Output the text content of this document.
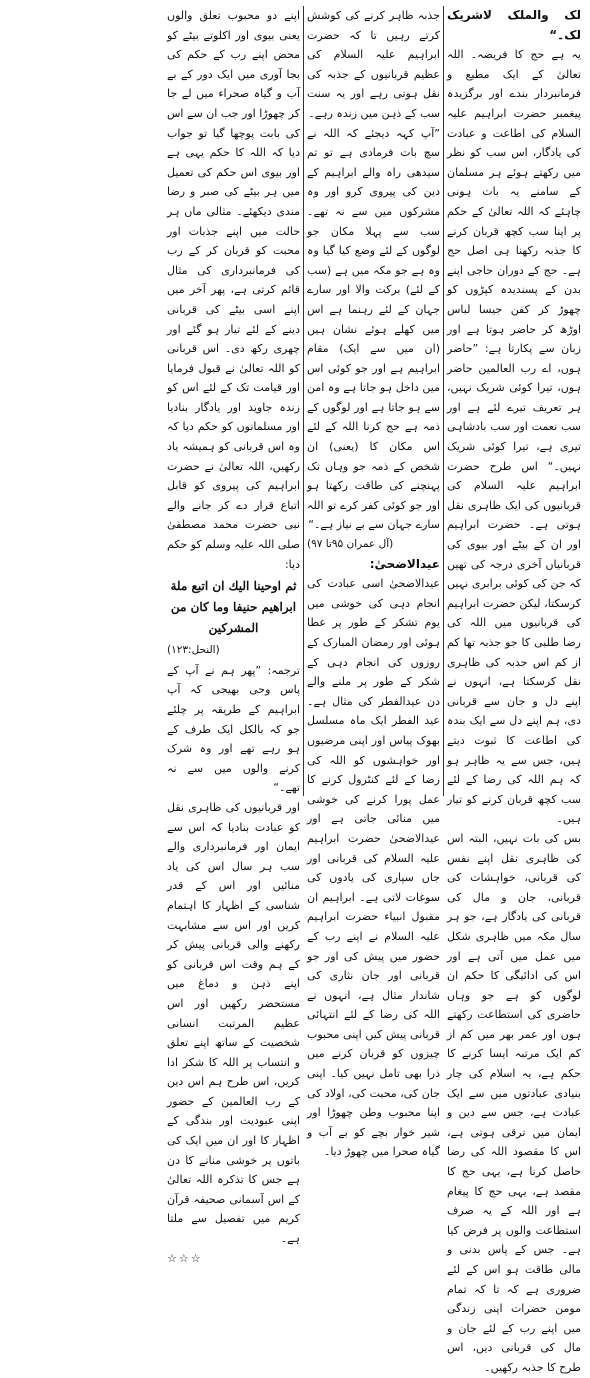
لک والملک لاشریک لک۔“

یہ ہے حج کا فریضہ۔ اللہ تعالیٰ کے ایک مطیع و فرمانبردار بندے اور برگزیدہ پیغمبر حضرت ابراہیم علیہ السلام کی اطاعت و عبادت کی یادگار، اس سب کو نظر میں رکھتے ہوئے ہر مسلمان کے سامنے یہ بات ہونی چاہئے کہ اللہ تعالیٰ کے حکم پر اپنا سب کچھ قربان کرنے کا جذبہ رکھنا ہی اصل حج ہے۔ حج کے دوران حاجی اپنے بدن کے پسندیدہ کپڑوں کو چھوڑ کر کفن جیسا لباس اوڑھ کر حاضر ہوتا ہے اور زبان سے پکارتا ہے: ”حاضر ہوں، اے رب العالمین حاضر ہوں، تیرا کوئی شریک نہیں، ہر تعریف تیرے لئے ہے اور سب نعمت اور سب بادشاہی تیری ہے، تیرا کوئی شریک نہیں۔“ اس طرح حضرت ابراہیم علیہ السلام کی قربانیوں کی ایک ظاہری نقل ہوتی ہے۔ حضرت ابراہیم اور ان کے بیٹے اور بیوی کی قربانیاں آخری درجہ کی تھیں کہ جن کی کوئی برابری نہیں کرسکتا، لیکن حضرت ابراہیم کی قربانیوں میں اللہ کی رضا طلبی کا جو جذبہ تھا کم از کم اس جذبہ کی ظاہری نقل کرسکتا ہے، انہوں نے اپنے دل و جان سے قربانی دی، ہم اپنے دل سے ایک بندہ کی اطاعت کا ثبوت دیتے ہیں، جس سے یہ ظاہر ہو کہ ہم اللہ کی رضا کے لئے سب کچھ قربان کرنے کو تیار ہیں۔

بس کی بات نہیں، البتہ اس کی ظاہری نقل اپنے نفس کی قربانی، خواہشات کی قربانی، جان و مال کی قربانی کی یادگار ہے، جو ہر سال مکہ میں ظاہری شکل میں عمل میں آتی ہے اور اس کی ادائیگی کا حکم ان لوگوں کو ہے جو وہاں حاضری کی استطاعت رکھتے ہوں اور عمر بھر میں کم از کم ایک مرتبہ ایسا کرنے کا حکم ہے، یہ اسلام کی چار بنیادی عبادتوں میں سے ایک عبادت ہے، جس سے دین و ایمان میں ترقی ہوتی ہے، اس کا مقصود اللہ کی رضا حاصل کرنا ہے، یہی حج کا مقصد ہے، یہی حج کا پیغام ہے اور اللہ کے یہ صرف استطاعت والوں پر فرض کیا ہے۔ جس کے پاس بدنی و مالی طاقت ہو اس کے لئے ضروری ہے کہ تا کہ تمام مومن حضرات اپنی زندگی میں اپنے رب کے لئے جان و مال کی قربانی دیں، اس طرح کا جذبہ رکھیں۔

جذبہ ظاہر کرنے کی کوشش کرتے رہیں تا کہ حضرت ابراہیم علیہ السلام کی عظیم قربانیوں کے جذبہ کی نقل ہوتی رہے اور یہ سنت سب کے ذہن میں زندہ رہے۔

”آپ کہہ دیجئے کہ اللہ نے سچ بات فرمادی ہے تو تم سیدھی راہ والے ابراہیم کے دین کی پیروی کرو اور وہ مشرکوں میں سے نہ تھے۔ سب سے پہلا مکان جو لوگوں کے لئے وضع کیا گیا وہ وہ ہے جو مکہ میں ہے (سب کے لئے) برکت والا اور سارے جہان کے لئے رہنما ہے اس میں کھلے ہوئے نشان ہیں (ان میں سے ایک) مقام ابراہیم ہے اور جو کوئی اس میں داخل ہو جاتا ہے وہ امن سے ہو جاتا ہے اور لوگوں کے ذمہ ہے حج کرنا اللہ کے لئے اس مکان کا (یعنی) ان شخص کے ذمہ جو وہاں تک پہنچنے کی طاقت رکھتا ہو اور جو کوئی کفر کرے تو اللہ سارے جہان سے بے نیاز ہے۔“

(آل عمران ۹۵تا ۹۷)

عیدالاضحیٰ:

عیدالاضحیٰ اسی عبادت کی انجام دہی کی خوشی میں یوم تشکر کے طور پر عطا ہوئی اور رمضان المبارک کے روزوں کی انجام دہی کے شکر کے طور پر ملنے والے دن عیدالفطر کی مثال ہے۔ عید الفطر ایک ماہ مسلسل بھوک پیاس اور اپنی مرضیوں اور خواہشوں کو اللہ کی رضا کے لئے کنٹرول کرنے کا عمل پورا کرنے کی خوشی میں منائی جاتی ہے اور عیدالاضحیٰ حضرت ابراہیم علیہ السلام کی قربانی اور جاں سپاری کی یادوں کی سوغات لاتی ہے۔ ابراہیم ان مقبول انبیاء حضرت ابراہیم علیہ السلام نے اپنے رب کے حضور میں پیش کی اور جو قربانی اور جان نثاری کی شاندار مثال ہے، انہوں نے اللہ کی رضا کے لئے انتہائی قربانی پیش کیں اپنی محبوب چیزوں کو قربان کرنے میں ذرا بھی تامل نہیں کیا۔ اپنی جان کی، محبت کی، اولاد کی اپنا محبوب وطن چھوڑا اور شیر خوار بچے کو بے آب و گیاہ صحرا میں چھوڑ دیا۔

اپنے دو محبوب تعلق والوں یعنی بیوی اور اکلوتے بیٹے کو محض اپنے رب کے حکم کی بجا آوری میں ایک دور کے بے آب و گیاہ صحراء میں لے جا کر چھوڑا اور جب ان سے اس کی بابت پوچھا گیا تو جواب دیا کہ اللہ کا حکم یہی ہے اور بیوی اس حکم کی تعمیل میں ہر بیٹے کی صبر و رضا مندی دیکھئے۔ مثالی ماں ہر حالت میں اپنے جذبات اور محبت کو قربان کر کے رب کی فرمانبرداری کی مثال قائم کرتی ہے، پھر آخر میں اپنے اسی بیٹے کی قربانی دینے کے لئے تیار ہو گئے اور چھری رکھ دی۔ اس قربانی کو اللہ تعالیٰ نے قبول فرمایا اور قیامت تک کے لئے اس کو زندہ جاوید اور یادگار بنادیا اور مسلمانوں کو حکم دیا کہ وہ اس قربانی کو ہمیشہ یاد رکھیں، اللہ تعالیٰ نے حضرت ابراہیم کی پیروی کو قابل اتباع قرار دے کر جانے والے نبی حضرت محمد مصطفیٰ صلی اللہ علیہ وسلم کو حکم دیا:

ثم اوحينا اليك ان اتبع ملة ابراهيم حنيفا وما كان من المشركين

(النحل:۱۲۳)

ترجمہ: ”پھر ہم نے آپ کے پاس وحی بھیجی کہ آپ ابراہیم کے طریقہ پر چلئے جو کہ بالکل ایک طرف کے ہو رہے تھے اور وہ شرک کرنے والوں میں سے نہ تھے۔“

اور قربانیوں کی ظاہری نقل کو عبادت بنادیا کہ اس سے ایمان اور فرمانبرداری والے سب ہر سال اس کی یاد منائیں اور اس کے قدر شناسی کے اظہار کا اہتمام کریں اور اس سے مشابہت رکھنے والی قربانی پیش کر کے ہم وقت اس قربانی کو اپنے ذہن و دماغ میں مستحضر رکھیں اور اس عظیم المرتبت انسانی شخصیت کے ساتھ اپنے تعلق و انتساب پر اللہ کا شکر ادا کریں، اس طرح ہم اس دین کے رب العالمین کے حضور اپنی عبودیت اور بندگی کے اظہار کا اور ان میں ایک کی باتوں پر خوشی منانے کا دن ہے جس کا تذکرہ اللہ تعالیٰ کے اس آسمانی صحیفہ قرآن کریم میں تفصیل سے ملتا ہے۔

☆☆☆
